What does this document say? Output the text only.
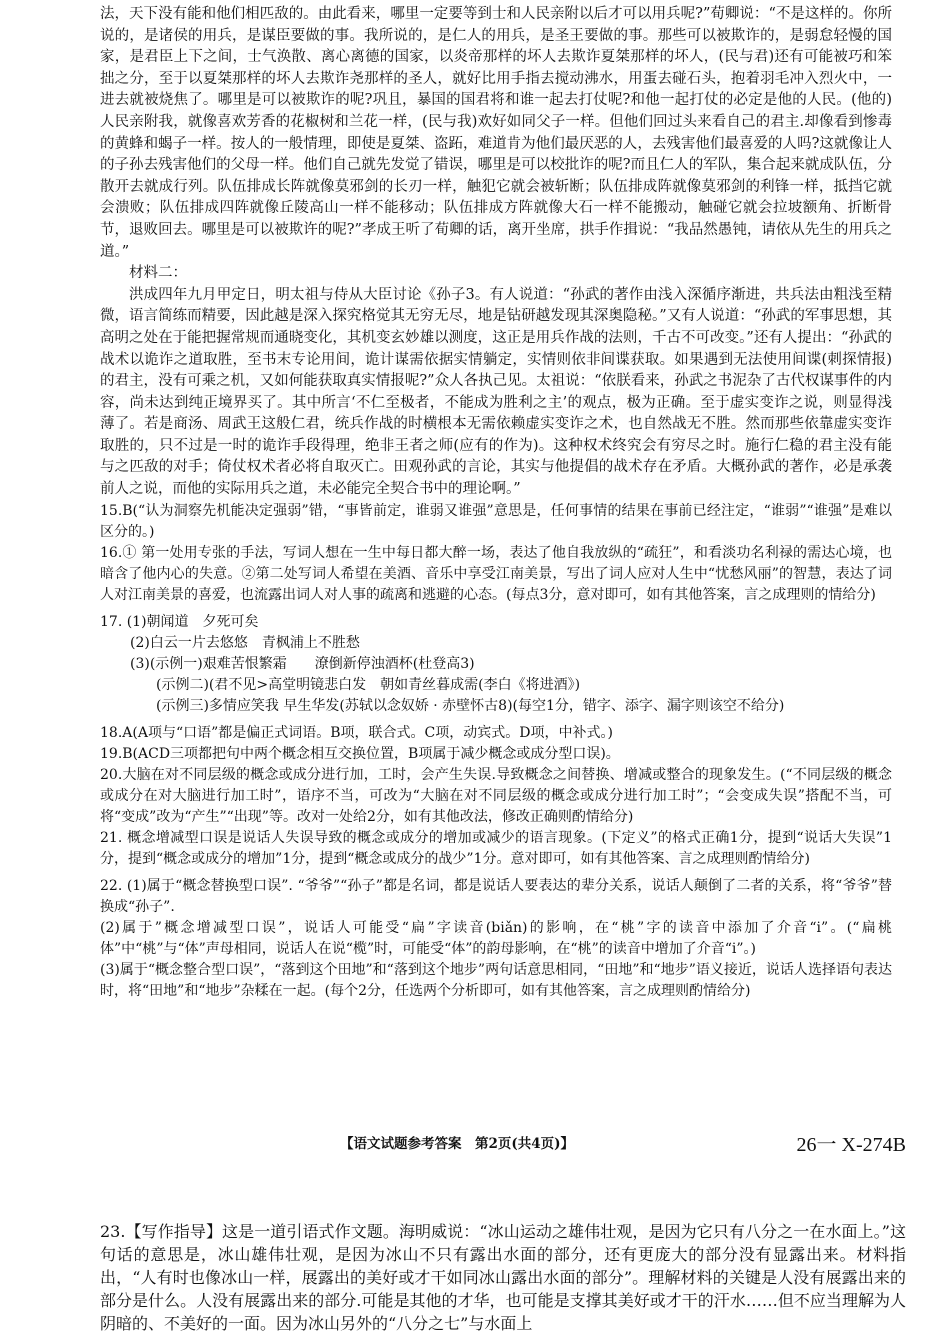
法，天下没有能和他们相匹敌的。由此看来，哪里一定要等到士和人民亲附以后才可以用兵呢?”荀卿说：“不是这样的。你所说的，是诸侯的用兵，是谋臣要做的事。我所说的，是仁人的用兵，是圣王要做的事。那些可以被欺诈的，是弱怠轻慢的国家，是君臣上下之间，士气涣散、离心离德的国家，以炎帝那样的坏人去欺诈夏桀那样的坏人，(民与君)还有可能被巧和笨拙之分，至于以夏桀那样的坏人去欺诈尧那样的圣人，就好比用手指去搅动沸水，用蛋去碰石头，抱着羽毛冲入烈火中，一进去就被烧焦了。哪里是可以被欺诈的呢?巩且，暴国的国君将和谁一起去打仗呢?和他一起打仗的必定是他的人民。(他的)人民亲附我，就像喜欢芳香的花椒树和兰花一样，(民与我)欢好如同父子一样。但他们回过头来看自己的君主.却像看到惨毒的黄蜂和蝎子一样。按人的一般情理，即使是夏桀、盗跖，难道肯为他们最厌恶的人，去残害他们最喜爱的人吗?这就像让人的子孙去残害他们的父母一样。他们自己就先发觉了错误，哪里是可以校批诈的呢?而且仁人的军队，集合起来就成队伍，分散开去就成行列。队伍排成长阵就像莫邪剑的长刃一样，触犯它就会被斩断；队伍排成阵就像莫邪剑的利锋一样，抵挡它就会溃败；队伍排成四阵就像丘陵高山一样不能移动；队伍排成方阵就像大石一样不能搬动，触碰它就会拉坡额角、折断骨节，退败回去。哪里是可以被欺许的呢?”孝成王听了荀卿的话，离开坐席，拱手作揖说：“我品然愚钝，请依从先生的用兵之道。”

材料二：

洪成四年九月甲定日，明太祖与侍从大臣讨论《孙子3。有人说道：“孙武的著作由浅入深循序渐进，共兵法由粗浅至精微，语言简练而精要，因此越是深入探究格觉其无穷无尽，地是钻研越发现其深奥隐秘。”又有人说道：“孙武的军事思想，其高明之处在于能把握常规而通晓变化，其机变玄妙雄以测度，这正是用兵作战的法则，千古不可改变。”还有人提出：“孙武的战术以诡诈之道取胜，至书末专论用间，诡计谋需依据实情躺定，实情则依非间谍获取。如果遇到无法使用间谍(刺探情报)的君主，没有可乘之机，又如何能获取真实情报呢?”众人各执己见。太祖说：“依朕看来，孙武之书泥杂了古代权谋事件的内容，尚未达到纯正境界买了。其中所言‘不仁至极者，不能成为胜利之主’的观点，极为正确。至于虚实变诈之说，则显得浅薄了。若是商汤、周武王这般仁君，统兵作战的时横根本无需依赖虚实变诈之术，也自然战无不胜。然而那些依靠虚实变诈取胜的，只不过是一时的诡诈手段得理，绝非王者之师(应有的作为)。这种权术终究会有穷尽之时。施行仁稳的君主没有能与之匹敌的对手；倚仗权术者必将自取灭亡。田观孙武的言论，其实与他提倡的战术存在矛盾。大概孙武的著作，必是承袭前人之说，而他的实际用兵之道，未必能完全契合书中的理论啊。”

15.B(“认为洞察先机能决定强弱”错，“事皆前定，谁弱又谁强”意思是，任何事情的结果在事前已经注定，“谁弱”“谁强”是难以区分的。)

16.① 第一处用专张的手法，写词人想在一生中每日都大醉一场，表达了他自我放纵的“疏狂”，和看淡功名利禄的需达心境，也暗含了他内心的失意。②第二处写词人希望在美酒、音乐中享受江南美景，写出了词人应对人生中“忧愁风丽”的智慧，表达了词人对江南美景的喜爱，也流露出词人对人事的疏离和逃避的心态。(每点3分，意对即可，如有其他答案，言之成理则的情给分)

17. (1)朝闻道　夕死可矣

(2)白云一片去悠悠　青枫浦上不胜愁

(3)(示例一)艰难苦恨繁霜　　潦倒新停浊酒杯(杜登高3)

(示例二)(君不见>高堂明镜悲白发　朝如青丝暮成需(李白《将进酒》)

(示例三)多情应笑我 早生华发(苏轼以念奴娇 · 赤壁怀古8)(每空1分，错字、添字、漏字则该空不给分)

18.A(A项与“口语”都是偏正式词语。B项，联合式。C项，动宾式。D项，中补式。)

19.B(ACD三项都把句中两个概念相互交换位置，B项属于减少概念或成分型口误)。

20.大脑在对不同层级的概念或成分进行加，工时，会产生失误.导致概念之间替换、增减或整合的现象发生。(“不同层级的概念或成分在对大脑进行加工时”，语序不当，可改为“大脑在对不同层级的概念或成分进行加工时”；“会变成失误”搭配不当，可将“变成”改为“产生”“出现”等。改对一处给2分，如有其他改法，修改正确则酌情给分)

21. 概念增减型口误是说话人失误导致的概念或成分的增加或减少的语言现象。(下定义”的格式正确1分，提到“说话大失误”1分，提到“概念或成分的增加”1分，提到“概念或成分的战少”1分。意对即可，如有其他答案、言之成理则酌情给分)

22. (1)属于“概念替换型口误”. “爷爷”“孙子”都是名词，都是说话人要表达的辈分关系，说话人颠倒了二者的关系，将“爷爷”替换成“孙子”.

(2)属于”概念增减型口误”，说话人可能受“扁”字读音(biǎn)的影响，在“桃”字的读音中添加了介音“i”。(“扁桃体”中“桃”与“体”声母相同，说话人在说“榄”时，可能受“体”的韵母影响，在“桃”的读音中增加了介音“i”。)

(3)属于“概念整合型口误”，“落到这个田地”和“落到这个地步”两句话意思相同，“田地”和“地步”语义接近，说话人选择语句表达时，将“田地”和“地步”杂糅在一起。(每个2分，任选两个分析即可，如有其他答案，言之成理则酌情给分)

【语文试题参考答案　第2页(共4页)】	26一 X-274B

23.【写作指导】这是一道引语式作文题。海明威说：“冰山运动之雄伟壮观，是因为它只有八分之一在水面上。”这句话的意思是，冰山雄伟壮观，是因为冰山不只有露出水面的部分，还有更庞大的部分没有显露出来。材料指出，“人有时也像冰山一样，展露出的美好或才干如同冰山露出水面的部分”。理解材料的关键是人没有展露出来的部分是什么。人没有展露出来的部分.可能是其他的才华，也可能是支撑其美好或才干的汗水……但不应当理解为人阴暗的、不美好的一面。因为冰山另外的“八分之七”与水面上
